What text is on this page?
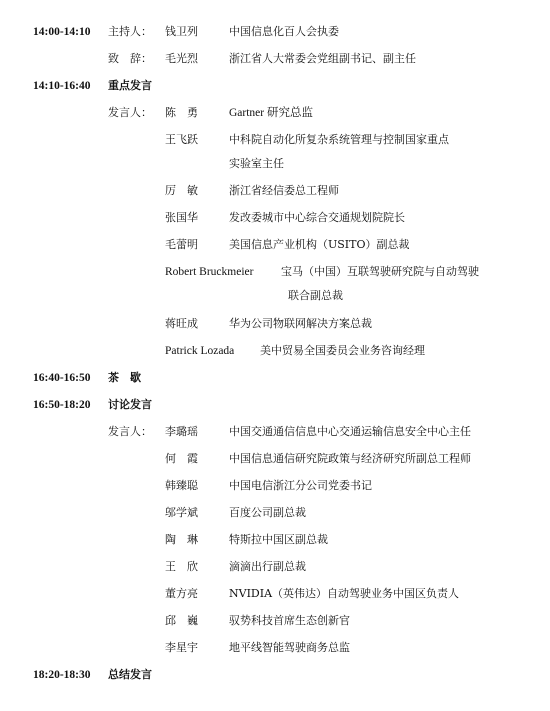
14:00-14:10 主持人： 钱卫列	中国信息化百人会执委
致　辞： 毛光烈	浙江省人大常委会党组副书记、副主任
14:10-16:40 重点发言
发言人： 陈　勇	Gartner 研究总监
王飞跃	中科院自动化所复杂系统管理与控制国家重点
实验室主任
厉　敏	浙江省经信委总工程师
张国华	发改委城市中心综合交通规划院院长
毛蕾明	美国信息产业机构（USITO）副总裁
Robert Bruckmeier	宝马（中国）互联驾驶研究院与自动驾驶
联合副总裁
蒋旺成	华为公司物联网解决方案总裁
Patrick Lozada 美中贸易全国委员会业务咨询经理
16:40-16:50 茶　歇
16:50-18:20 讨论发言
发言人： 李璐瑶	中国交通通信信息中心交通运输信息安全中心主任
何　霞	中国信息通信研究院政策与经济研究所副总工程师
韩臻聪	中国电信浙江分公司党委书记
邬学斌	百度公司副总裁
陶　琳	特斯拉中国区副总裁
王　欣	滴滴出行副总裁
董方亮	NVIDIA（英伟达）自动驾驶业务中国区负责人
邱　巍	驭势科技首席生态创新官
李星宇	地平线智能驾驶商务总监
18:20-18:30 总结发言
